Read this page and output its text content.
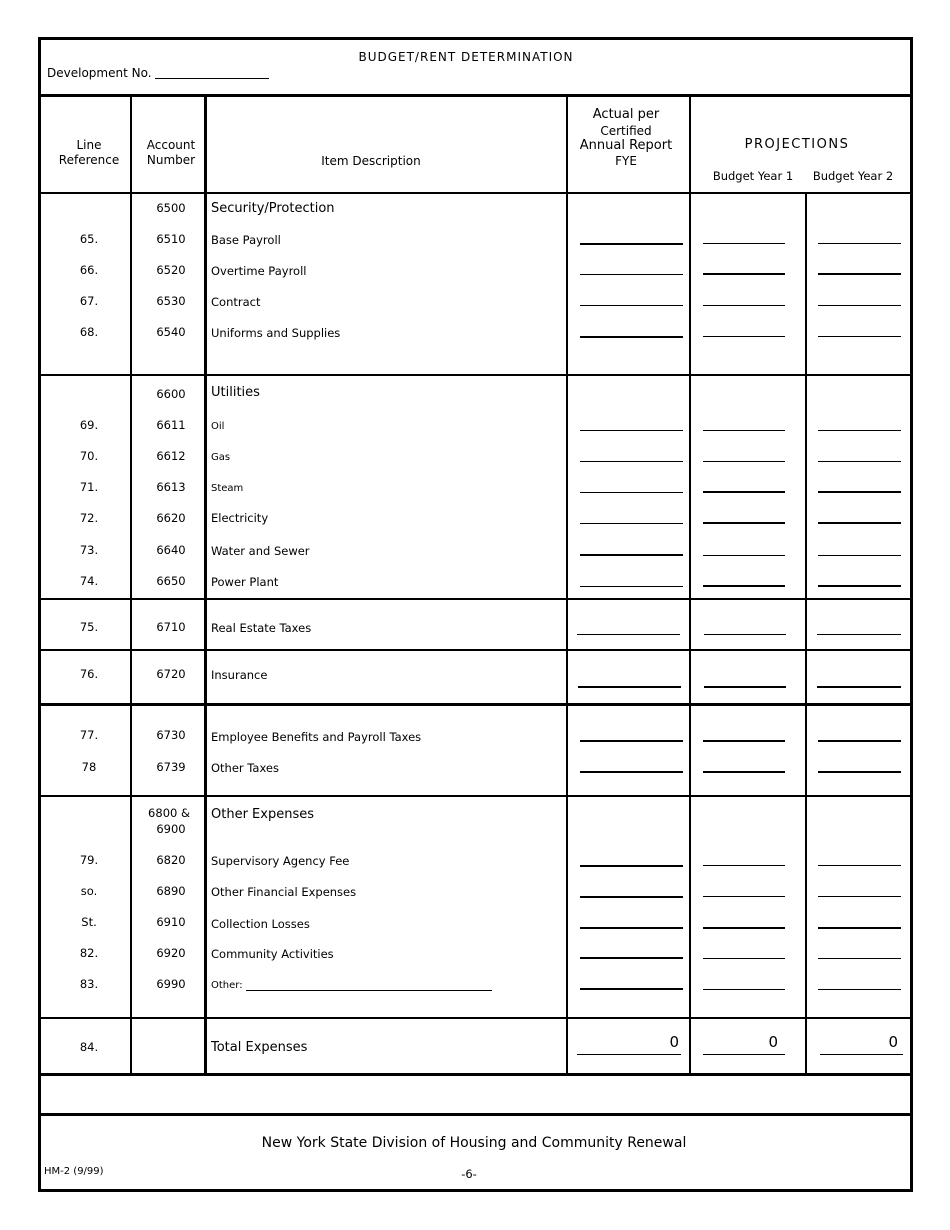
BUDGET/RENT DETERMINATION
Development No.
Line
Reference
Account
Number	Item Description
Actual per
Certified
Annual Report
FYE
PROJECTIONS
Budget Year 1 Budget Year 2
6500 Security/Protection
65.	6510 Base Payroll
66.	6520 Overtime Payroll
67.	6530 Contract
68.	6540 Uniforms and Supplies
6600 Utilities
69.	6611	Oil
70.	6612	Gas
71.	6613	Steam
72.	6620 Electricity
73.	6640 Water and Sewer
74.	6650 Power Plant
75.	6710 Real Estate Taxes
76.	6720 Insurance
77.	6730 Employee Benefits and Payroll Taxes
78	6739 Other Taxes
6800 &
6900
Other Expenses
79.	6820 Supervisory Agency Fee
so.	6890 Other Financial Expenses
St.	6910 Collection Losses
82.	6920 Community Activities
83.	6990	Other:
84.	Total Expenses	0	0	0
New York State Division of Housing and Community Renewal
HM-2 (9/99)	-6-
